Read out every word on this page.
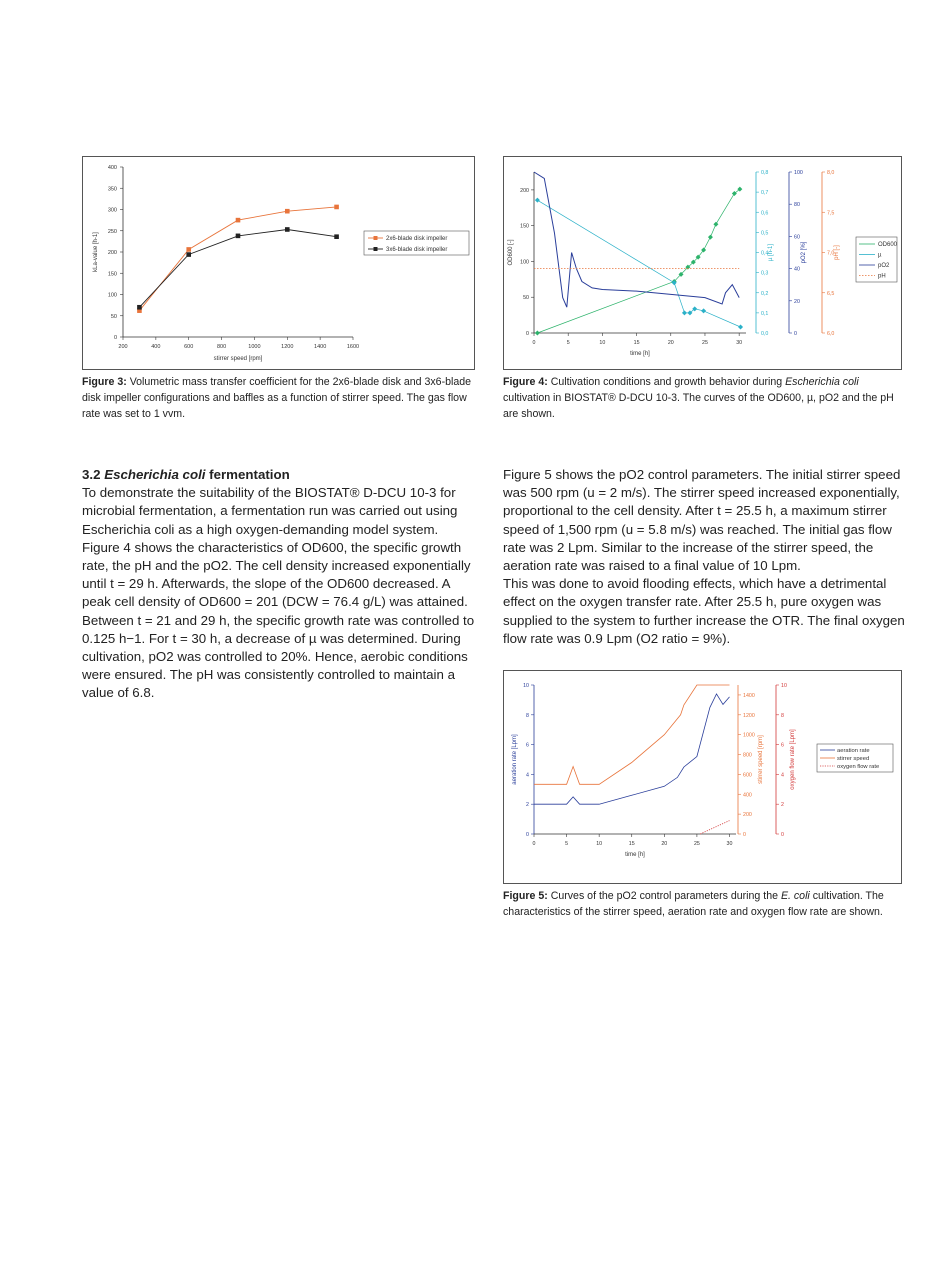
0
50
100
150
200
250
300
350
400
200	400	600	800	1000	1200	1400	1600
stirrer speed [rpm]
kLa-value [h-1]	2x6-blade disk impeller
3x6-blade disk impeller
Figure 3: Volumetric mass transfer coefficient for the 2x6-blade disk and 3x6-blade disk impeller configurations and baffles as a function of stirrer speed. The gas flow rate was set to 1 vvm.
0
50
100
150
200
OD600 [-]
0,0
0,1
0,2
0,3
0,4
0,5
0,6
0,7
0,8
µ [h-1]
0
20
40
60
80
100
pO2 [%]
6,0
6,5
7,0
7,5
8,0
pH [-]
0	5	10	15	20	25	30
time [h]
OD600
µ
pO2
pH
Figure 4: Cultivation conditions and growth behavior during Escherichia coli cultivation in BIOSTAT® D-DCU 10-3. The curves of the OD600, µ, pO2 and the pH are shown.
3.2 Escherichia coli fermentation

To demonstrate the suitability of the BIOSTAT® D-DCU 10-3 for microbial fermentation, a fermentation run was carried out using Escherichia coli as a high oxygen-demanding model system. Figure 4 shows the characteristics of OD600, the specific growth rate, the pH and the pO2. The cell density increased exponentially until t = 29 h. Afterwards, the slope of the OD600 decreased. A peak cell density of OD600 = 201 (DCW = 76.4 g/L) was attained. Between t = 21 and 29 h, the specific growth rate was controlled to 0.125 h−1. For t = 30 h, a decrease of µ was determined. During cultivation, pO2 was controlled to 20%. Hence, aerobic conditions were ensured. The pH was consistently controlled to maintain a value of 6.8.

Figure 5 shows the pO2 control parameters. The initial stirrer speed was 500 rpm (u = 2 m/s). The stirrer speed increased exponentially, proportional to the cell density. After t = 25.5 h, a maximum stirrer speed of 1,500 rpm (u = 5.8 m/s) was reached. The initial gas flow rate was 2 Lpm. Similar to the increase of the stirrer speed, the aeration rate was raised to a final value of 10 Lpm.

This was done to avoid flooding effects, which have a detrimental effect on the oxygen transfer rate. After 25.5 h, pure oxygen was supplied to the system to further increase the OTR. The final oxygen flow rate was 0.9 Lpm (O2 ratio = 9%).

0
2
4
6
8
10
aeration rate [Lpm]
0
200
400
600
800
1000
1200
1400
stirrer speed [rpm]
0
2
4
6
8
10
oxygen flow rate [Lpm]
0	5	10	15	20	25	30
time [h]
aeration rate
stirrer speed
oxygen flow rate
Figure 5: Curves of the pO2 control parameters during the E. coli cultivation. The characteristics of the stirrer speed, aeration rate and oxygen flow rate are shown.
